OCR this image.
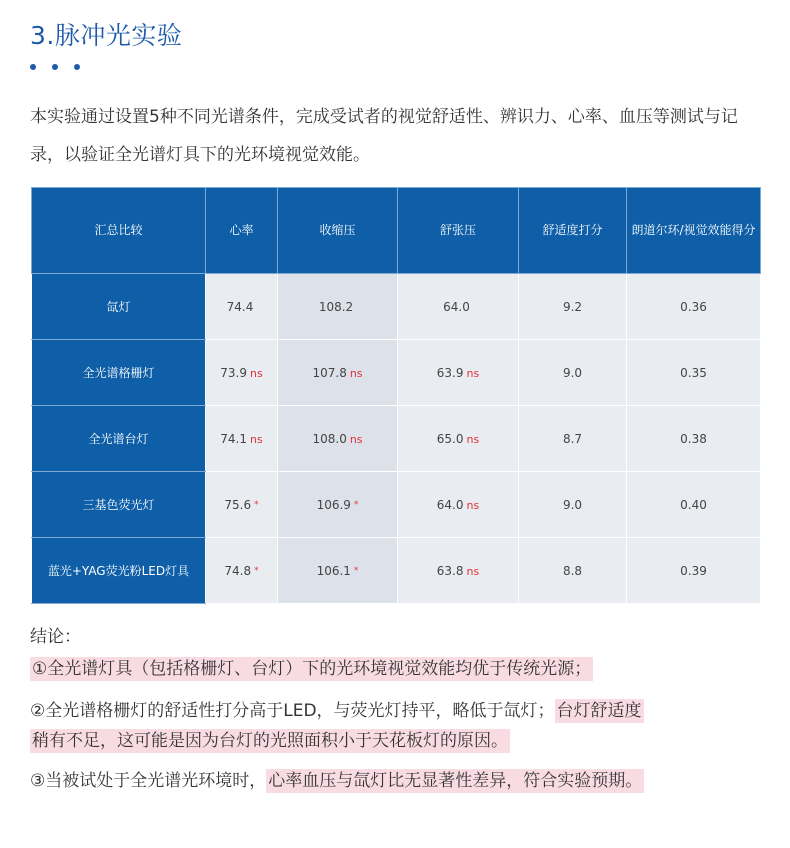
3.脉冲光实验
本实验通过设置5种不同光谱条件，完成受试者的视觉舒适性、辨识力、心率、血压等测试与记录，以验证全光谱灯具下的光环境视觉效能。
汇总比较	心率	收缩压	舒张压	舒适度打分	朗道尔环/视觉效能得分
氙灯	74.4	108.2	64.0	9.2	0.36
全光谱格栅灯	73.9 ns	107.8 ns	63.9 ns	9.0	0.35
全光谱台灯	74.1 ns	108.0 ns	65.0 ns	8.7	0.38
三基色荧光灯	75.6 *	106.9 *	64.0 ns	9.0	0.40
蓝光+YAG荧光粉LED灯具	74.8 *	106.1 *	63.8 ns	8.8	0.39
结论：
①全光谱灯具（包括格栅灯、台灯）下的光环境视觉效能均优于传统光源；
②全光谱格栅灯的舒适性打分高于LED，与荧光灯持平，略低于氙灯； 台灯舒适度
稍有不足，这可能是因为台灯的光照面积小于天花板灯的原因。
③当被试处于全光谱光环境时， 心率血压与氙灯比无显著性差异，符合实验预期。
